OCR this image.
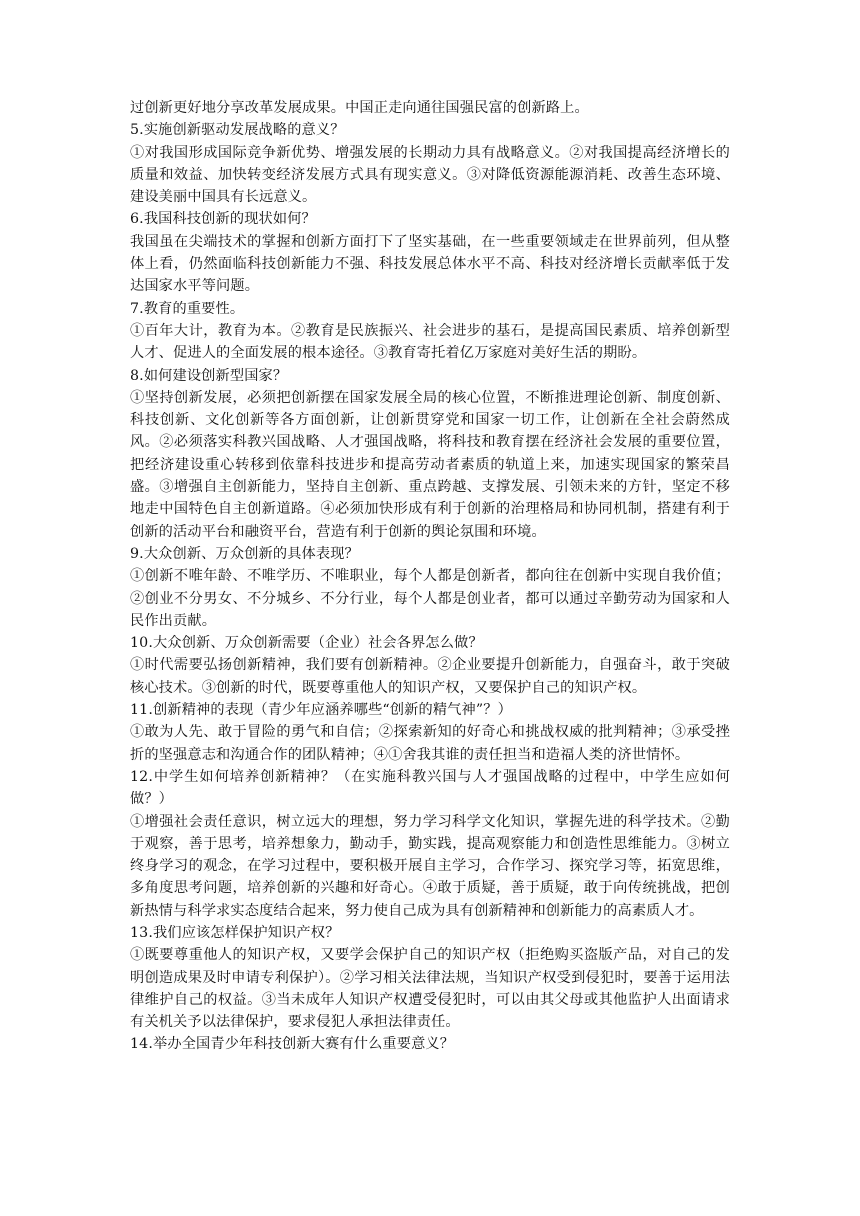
过创新更好地分享改革发展成果。中国正走向通往国强民富的创新路上。

5.实施创新驱动发展战略的意义？

①对我国形成国际竞争新优势、增强发展的长期动力具有战略意义。②对我国提高经济增长的质量和效益、加快转变经济发展方式具有现实意义。③对降低资源能源消耗、改善生态环境、建设美丽中国具有长远意义。

6.我国科技创新的现状如何？

我国虽在尖端技术的掌握和创新方面打下了坚实基础，在一些重要领域走在世界前列，但从整体上看，仍然面临科技创新能力不强、科技发展总体水平不高、科技对经济增长贡献率低于发达国家水平等问题。

7.教育的重要性。

①百年大计，教育为本。②教育是民族振兴、社会进步的基石，是提高国民素质、培养创新型人才、促进人的全面发展的根本途径。③教育寄托着亿万家庭对美好生活的期盼。

8.如何建设创新型国家？

①坚持创新发展，必须把创新摆在国家发展全局的核心位置，不断推进理论创新、制度创新、科技创新、文化创新等各方面创新，让创新贯穿党和国家一切工作，让创新在全社会蔚然成风。②必须落实科教兴国战略、人才强国战略，将科技和教育摆在经济社会发展的重要位置，把经济建设重心转移到依靠科技进步和提高劳动者素质的轨道上来，加速实现国家的繁荣昌盛。③增强自主创新能力，坚持自主创新、重点跨越、支撑发展、引领未来的方针，坚定不移地走中国特色自主创新道路。④必须加快形成有利于创新的治理格局和协同机制，搭建有利于创新的活动平台和融资平台，营造有利于创新的舆论氛围和环境。

9.大众创新、万众创新的具体表现？

①创新不唯年龄、不唯学历、不唯职业，每个人都是创新者，都向往在创新中实现自我价值；②创业不分男女、不分城乡、不分行业，每个人都是创业者，都可以通过辛勤劳动为国家和人民作出贡献。

10.大众创新、万众创新需要（企业）社会各界怎么做？

①时代需要弘扬创新精神，我们要有创新精神。②企业要提升创新能力，自强奋斗，敢于突破核心技术。③创新的时代，既要尊重他人的知识产权，又要保护自己的知识产权。

11.创新精神的表现（青少年应涵养哪些“创新的精气神”？）

①敢为人先、敢于冒险的勇气和自信；②探索新知的好奇心和挑战权威的批判精神；③承受挫折的坚强意志和沟通合作的团队精神；④①舍我其谁的责任担当和造福人类的济世情怀。

12.中学生如何培养创新精神？（在实施科教兴国与人才强国战略的过程中，中学生应如何做？）

①增强社会责任意识，树立远大的理想，努力学习科学文化知识，掌握先进的科学技术。②勤于观察，善于思考，培养想象力，勤动手，勤实践，提高观察能力和创造性思维能力。③树立终身学习的观念，在学习过程中，要积极开展自主学习，合作学习、探究学习等，拓宽思维，多角度思考问题，培养创新的兴趣和好奇心。④敢于质疑，善于质疑，敢于向传统挑战，把创新热情与科学求实态度结合起来，努力使自己成为具有创新精神和创新能力的高素质人才。

13.我们应该怎样保护知识产权？

①既要尊重他人的知识产权，又要学会保护自己的知识产权（拒绝购买盗版产品，对自己的发明创造成果及时申请专利保护）。②学习相关法律法规，当知识产权受到侵犯时，要善于运用法律维护自己的权益。③当未成年人知识产权遭受侵犯时，可以由其父母或其他监护人出面请求有关机关予以法律保护，要求侵犯人承担法律责任。

14.举办全国青少年科技创新大赛有什么重要意义？
